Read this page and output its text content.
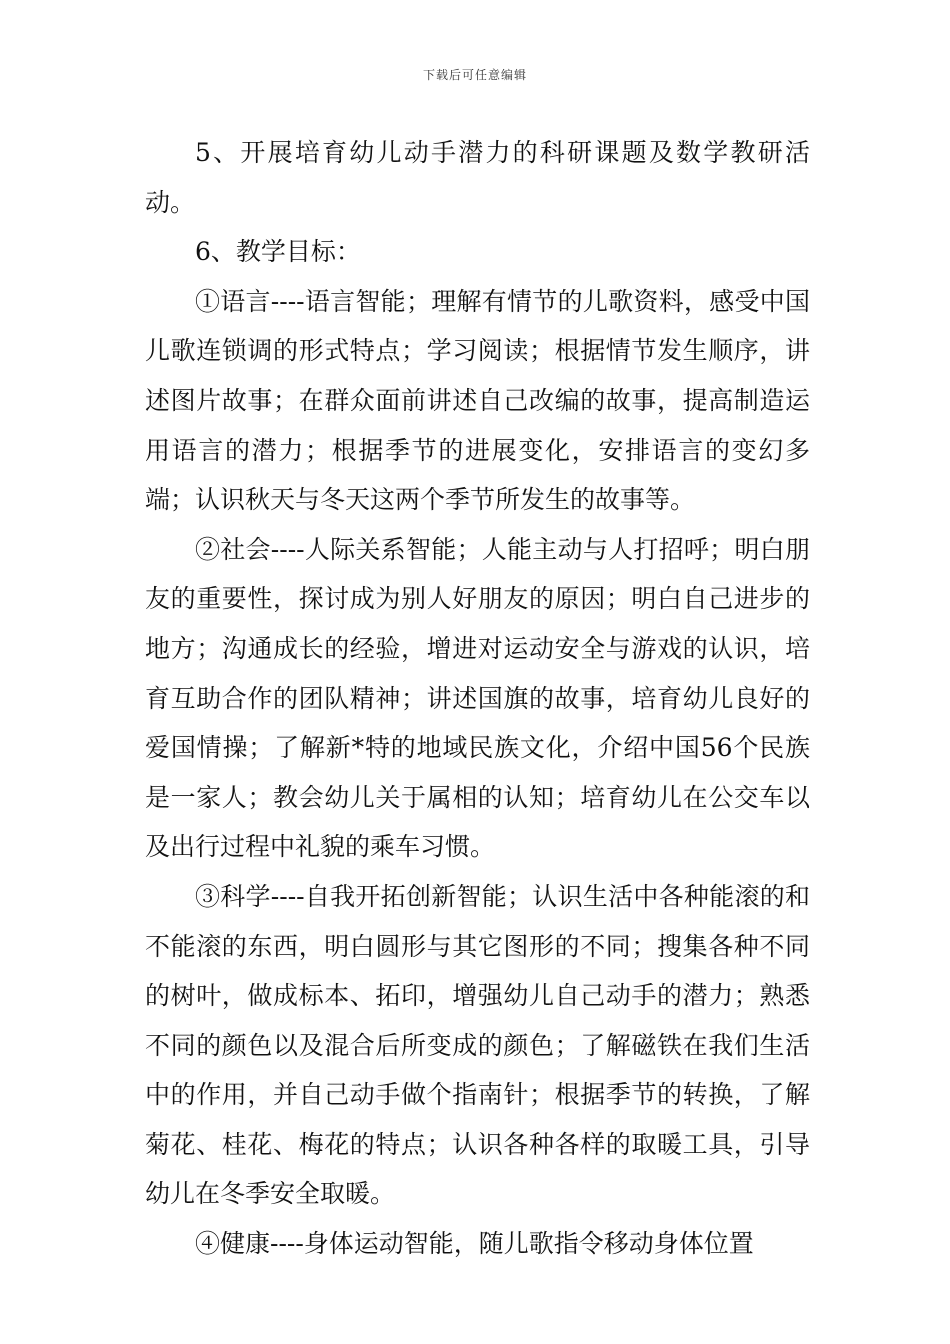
下载后可任意编辑

5、开展培育幼儿动手潜力的科研课题及数学教研活动。

6、教学目标：

①语言----语言智能；理解有情节的儿歌资料，感受中国儿歌连锁调的形式特点；学习阅读；根据情节发生顺序，讲述图片故事；在群众面前讲述自己改编的故事，提高制造运用语言的潜力；根据季节的进展变化，安排语言的变幻多端；认识秋天与冬天这两个季节所发生的故事等。

②社会----人际关系智能；人能主动与人打招呼；明白朋友的重要性，探讨成为别人好朋友的原因；明白自己进步的地方；沟通成长的经验，增进对运动安全与游戏的认识，培育互助合作的团队精神；讲述国旗的故事，培育幼儿良好的爱国情操；了解新*特的地域民族文化，介绍中国56个民族是一家人；教会幼儿关于属相的认知；培育幼儿在公交车以及出行过程中礼貌的乘车习惯。

③科学----自我开拓创新智能；认识生活中各种能滚的和不能滚的东西，明白圆形与其它图形的不同；搜集各种不同的树叶，做成标本、拓印，增强幼儿自己动手的潜力；熟悉不同的颜色以及混合后所变成的颜色；了解磁铁在我们生活中的作用，并自己动手做个指南针；根据季节的转换，了解菊花、桂花、梅花的特点；认识各种各样的取暖工具，引导幼儿在冬季安全取暖。

④健康----身体运动智能，随儿歌指令移动身体位置
